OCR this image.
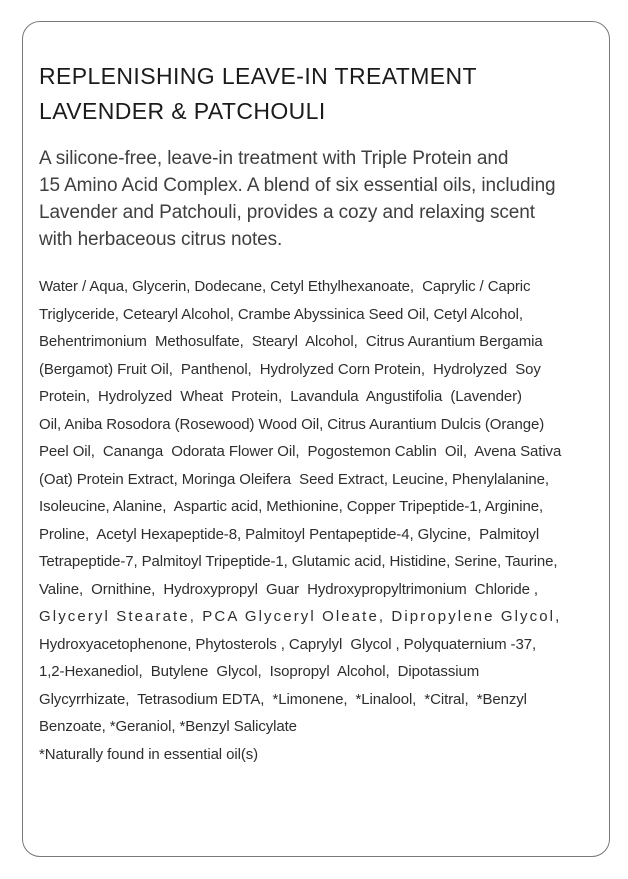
REPLENISHING LEAVE-IN TREATMENT
LAVENDER & PATCHOULI

A silicone-free, leave-in treatment with Triple Protein and
15 Amino Acid Complex. A blend of six essential oils, including
Lavender and Patchouli, provides a cozy and relaxing scent
with herbaceous citrus notes.

Water / Aqua, Glycerin, Dodecane, Cetyl Ethylhexanoate,  Caprylic / Capric
Triglyceride, Cetearyl Alcohol, Crambe Abyssinica Seed Oil, Cetyl Alcohol,
Behentrimonium  Methosulfate,  Stearyl  Alcohol,  Citrus Aurantium Bergamia
(Bergamot) Fruit Oil,  Panthenol,  Hydrolyzed Corn Protein,  Hydrolyzed  Soy
Protein,  Hydrolyzed  Wheat  Protein,  Lavandula  Angustifolia  (Lavender)
Oil, Aniba Rosodora (Rosewood) Wood Oil, Citrus Aurantium Dulcis (Orange)
Peel Oil,  Cananga  Odorata Flower Oil,  Pogostemon Cablin  Oil,  Avena Sativa
(Oat) Protein Extract, Moringa Oleifera  Seed Extract, Leucine, Phenylalanine,
Isoleucine, Alanine,  Aspartic acid, Methionine, Copper Tripeptide-1, Arginine,
Proline,  Acetyl Hexapeptide-8, Palmitoyl Pentapeptide-4, Glycine,  Palmitoyl
Tetrapeptide-7, Palmitoyl Tripeptide-1, Glutamic acid, Histidine, Serine, Taurine,
Valine,  Ornithine,  Hydroxypropyl  Guar  Hydroxypropyltrimonium  Chloride ,
Glyceryl Stearate, PCA Glyceryl Oleate, Dipropylene Glycol,
Hydroxyacetophenone, Phytosterols , Caprylyl  Glycol , Polyquaternium -37,
1,2-Hexanediol,  Butylene  Glycol,  Isopropyl  Alcohol,  Dipotassium
Glycyrrhizate,  Tetrasodium EDTA,  *Limonene,  *Linalool,  *Citral,  *Benzyl
Benzoate, *Geraniol, *Benzyl Salicylate
*Naturally found in essential oil(s)
